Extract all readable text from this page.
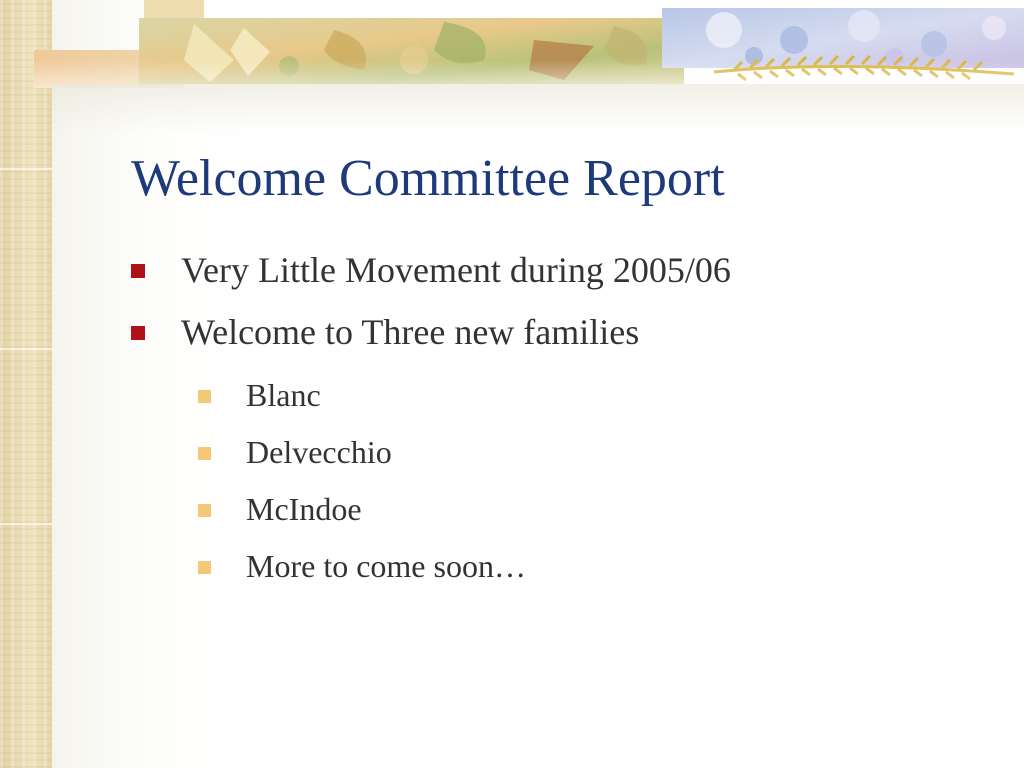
Welcome Committee Report
Very Little Movement during 2005/06
Welcome to Three new families
Blanc
Delvecchio
McIndoe
More to come soon…
